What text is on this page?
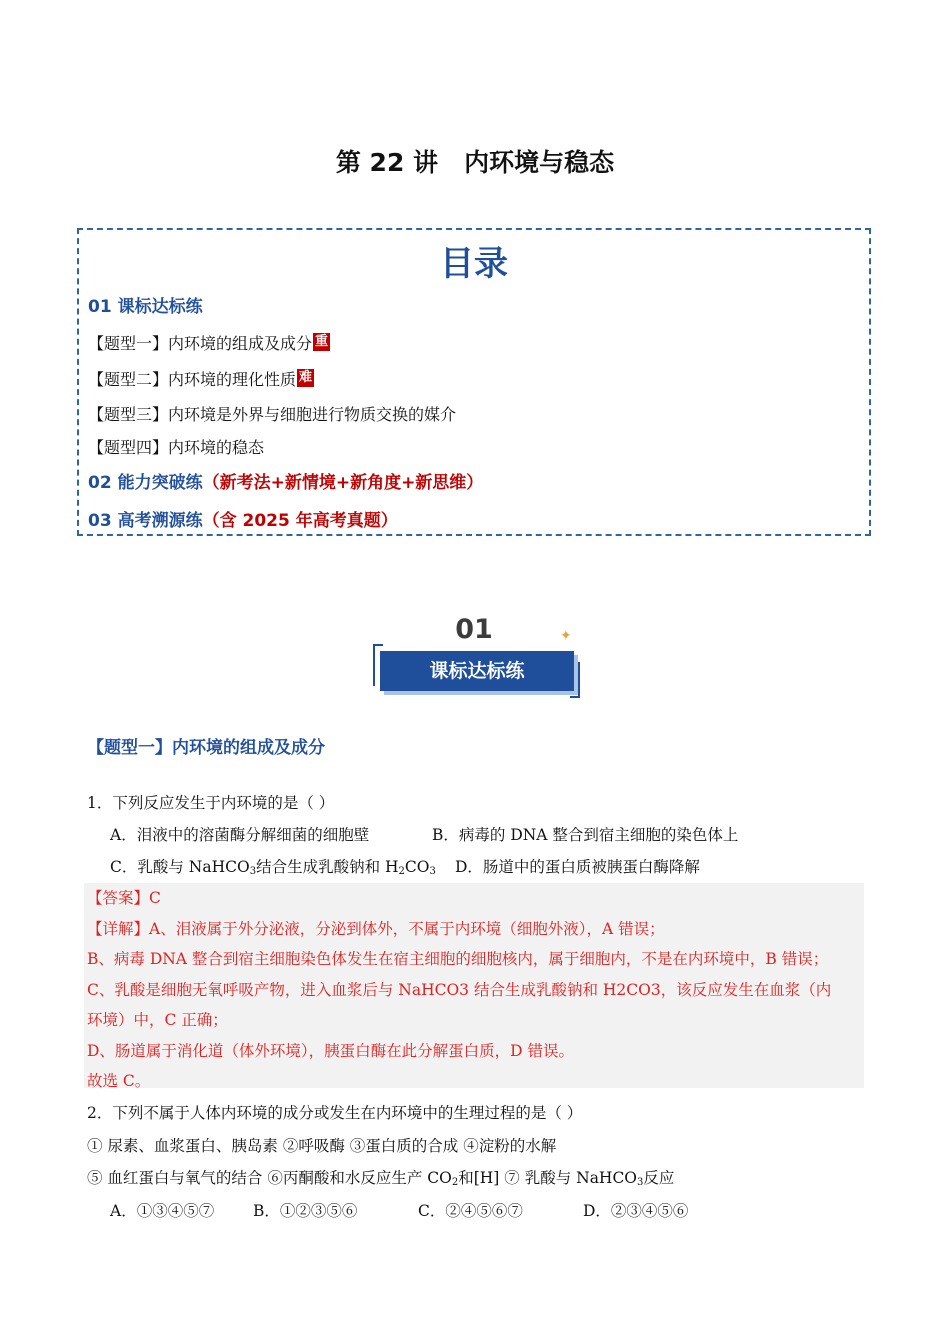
第 22 讲   内环境与稳态
目录
01 课标达标练
【题型一】内环境的组成及成分 重
【题型二】内环境的理化性质 难
【题型三】内环境是外界与细胞进行物质交换的媒介
【题型四】内环境的稳态
02 能力突破练（新考法+新情境+新角度+新思维）
03 高考溯源练（含 2025 年高考真题）
01
课标达标练
✦
【题型一】内环境的组成及成分
1．下列反应发生于内环境的是（ ）
A．泪液中的溶菌酶分解细菌的细胞壁	B．病毒的 DNA 整合到宿主细胞的染色体上
C．乳酸与 NaHCO$_3$结合生成乳酸钠和 $H_2CO_3$ D．肠道中的蛋白质被胰蛋白酶降解
【答案】C
【详解】A、泪液属于外分泌液，分泌到体外，不属于内环境（细胞外液），A 错误；
B、病毒 DNA 整合到宿主细胞染色体发生在宿主细胞的细胞核内，属于细胞内，不是在内环境中，B 错误；
C、乳酸是细胞无氧呼吸产物，进入血浆后与 NaHCO3 结合生成乳酸钠和 H2CO3，该反应发生在血浆（内
环境）中，C 正确；
D、肠道属于消化道（体外环境），胰蛋白酶在此分解蛋白质，D 错误。
故选 C。
2．下列不属于人体内环境的成分或发生在内环境中的生理过程的是（ ）
① 尿素、血浆蛋白、胰岛素 ②呼吸酶 ③蛋白质的合成 ④淀粉的水解
⑤ 血红蛋白与氧气的结合 ⑥丙酮酸和水反应生产 $CO_2$和[H] ⑦ 乳酸与 NaHCO$_3$反应
A．①③④⑤⑦	B．①②③⑤⑥	C．②④⑤⑥⑦	D．②③④⑤⑥
